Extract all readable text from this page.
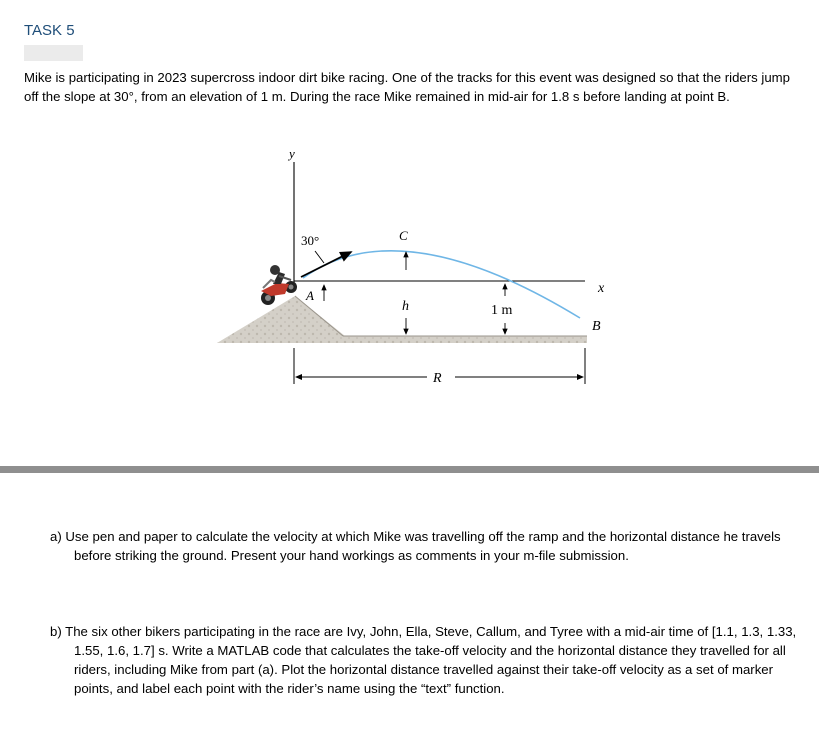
TASK 5
Mike is participating in 2023 supercross indoor dirt bike racing. One of the tracks for this event was designed so that the riders jump off the slope at 30°, from an elevation of 1 m. During the race Mike remained in mid-air for 1.8 s before landing at point B.
y
x
30°	C
h
A
1 m
B
R
a) Use pen and paper to calculate the velocity at which Mike was travelling off the ramp and the horizontal distance he travels before striking the ground. Present your hand workings as comments in your m-file submission.
b) The six other bikers participating in the race are Ivy, John, Ella, Steve, Callum, and Tyree with a mid-air time of [1.1, 1.3, 1.33, 1.55, 1.6, 1.7] s. Write a MATLAB code that calculates the take-off velocity and the horizontal distance they travelled for all riders, including Mike from part (a). Plot the horizontal distance travelled against their take-off velocity as a set of marker points, and label each point with the rider’s name using the “text” function.
